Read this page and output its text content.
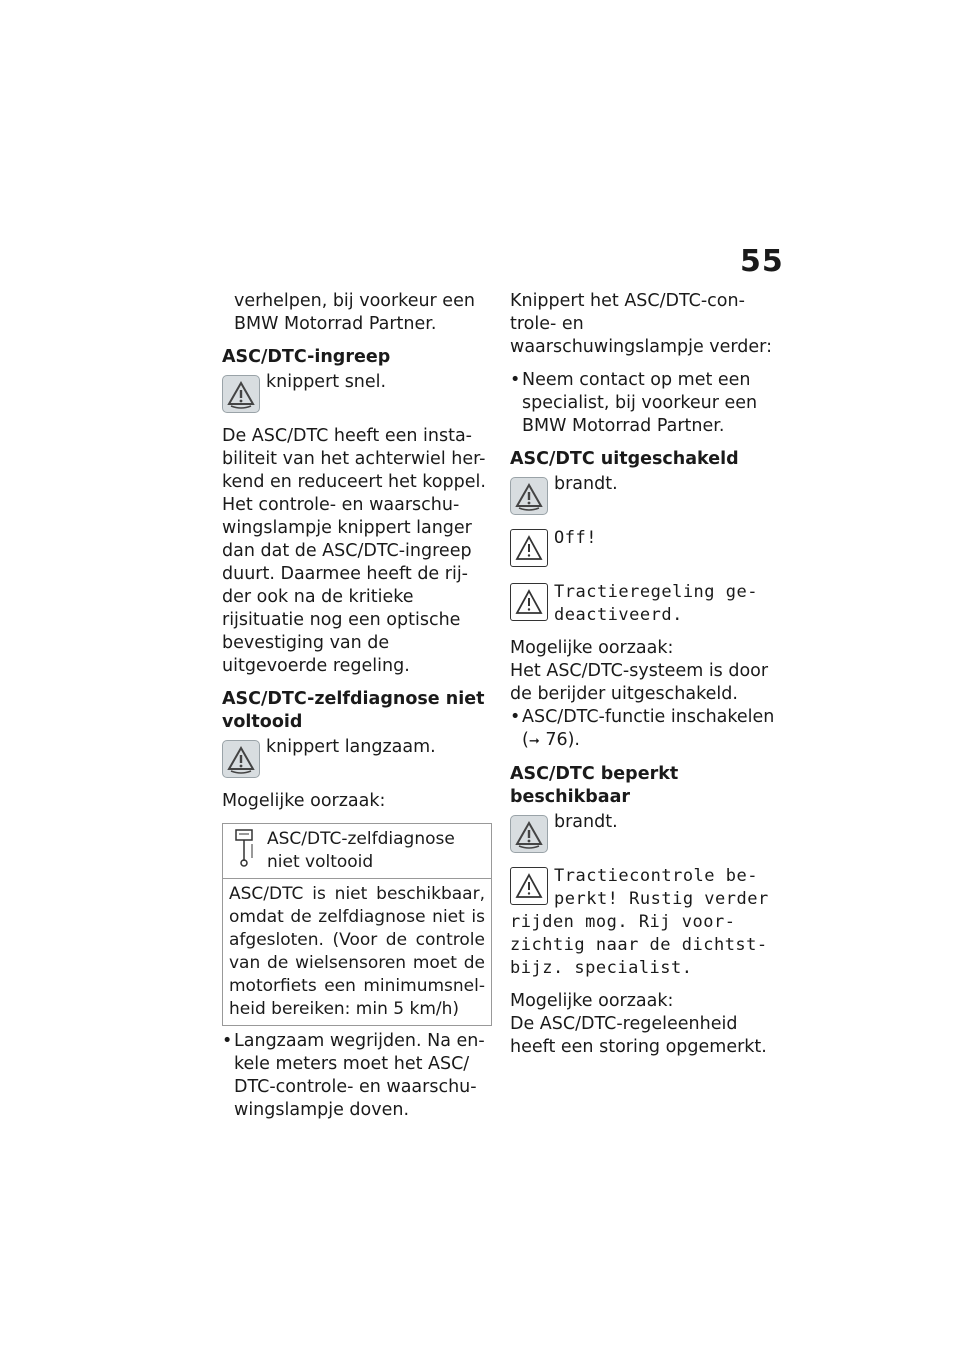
55

verhelpen, bij voorkeur een BMW Motorrad Partner.

ASC/DTC-ingreep
knippert snel.

De ASC/DTC heeft een insta-biliteit van het achterwiel her-kend en reduceert het koppel. Het controle- en waarschu-wingslampje knippert langer dan dat de ASC/DTC-ingreep duurt. Daarmee heeft de rij-der ook na de kritieke rijsituatie nog een optische bevestiging van de uitgevoerde regeling.

ASC/DTC-zelfdiagnose niet voltooid
knippert langzaam.

Mogelijke oorzaak:

ASC/DTC-zelfdiagnose niet voltooid

ASC/DTC is niet beschikbaar, omdat de zelfdiagnose niet is afgesloten. (Voor de controle van de wielsensoren moet de motorfiets een minimumsnel-heid bereiken: min 5 km/h)
• Langzaam wegrijden. Na en-kele meters moet het ASC/ DTC-controle- en waarschu-wingslampje doven.

Knippert het ASC/DTC-con-trole- en waarschuwingslampje verder:

• Neem contact op met een specialist, bij voorkeur een BMW Motorrad Partner.
ASC/DTC uitgeschakeld
brandt.
Off!
Tractieregeling ge-
deactiveerd.
Mogelijke oorzaak:
Het ASC/DTC-systeem is door de berijder uitgeschakeld.
• ASC/DTC-functie inschakelen
(➞ 76).
ASC/DTC beperkt beschikbaar
brandt.
Tractiecontrole be-
perkt! Rustig verder
rijden mog. Rij voor-
zichtig naar de dichtst-
bijz. specialist.
Mogelijke oorzaak:
De ASC/DTC-regeleenheid heeft een storing opgemerkt.
